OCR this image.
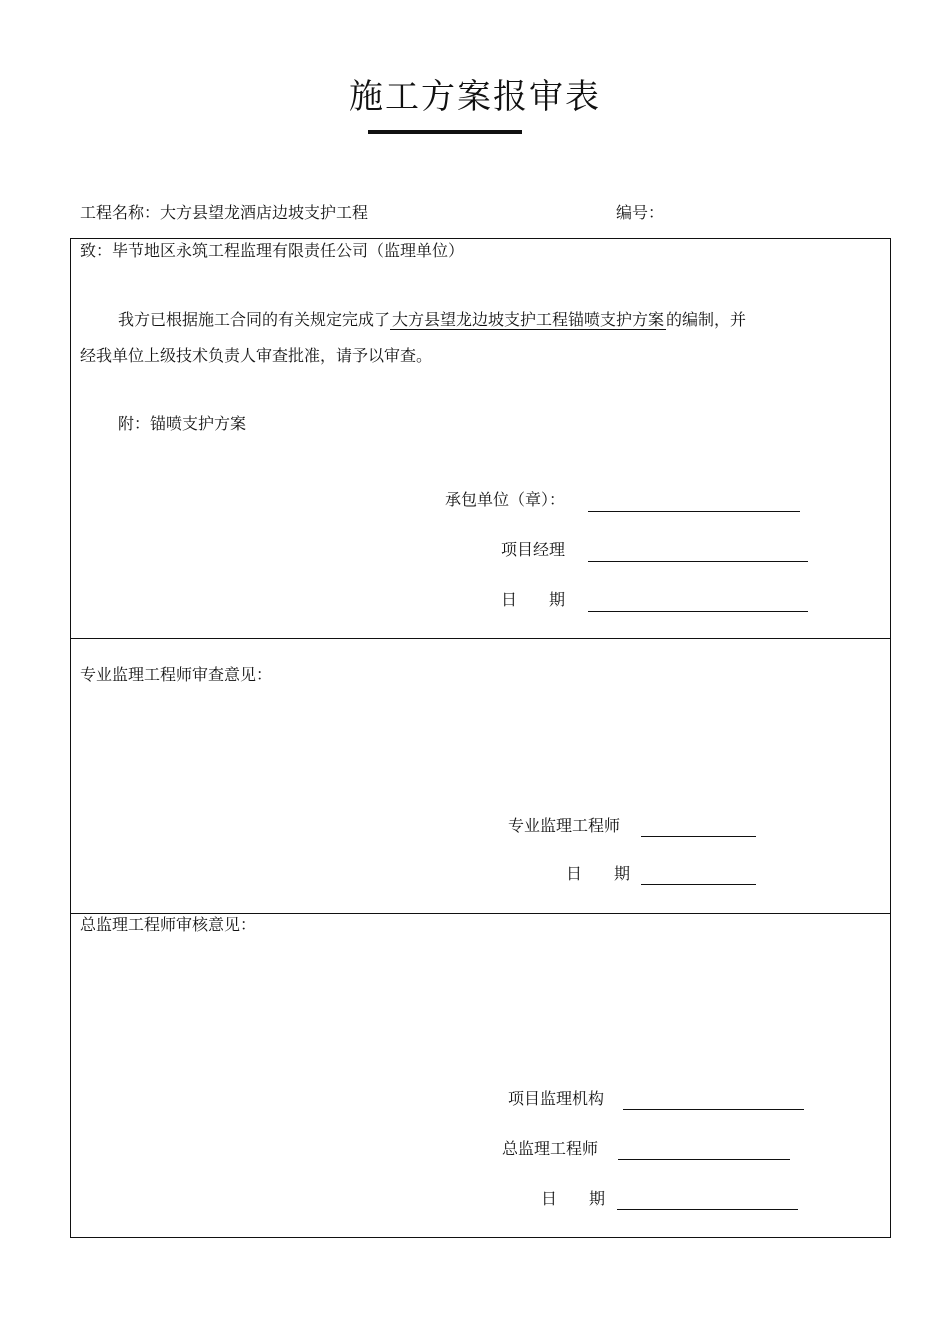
施工方案报审表
工程名称：大方县望龙酒店边坡支护工程	编号：
致：毕节地区永筑工程监理有限责任公司（监理单位）
我方已根据施工合同的有关规定完成了 大方县望龙边坡支护工程锚喷支护方案 的编制，并
经我单位上级技术负责人审查批准，请予以审查。
附：锚喷支护方案
承包单位（章）：
项目经理
日　　期
专业监理工程师审查意见：
专业监理工程师
日　　期
总监理工程师审核意见：
项目监理机构
总监理工程师
日　　期
